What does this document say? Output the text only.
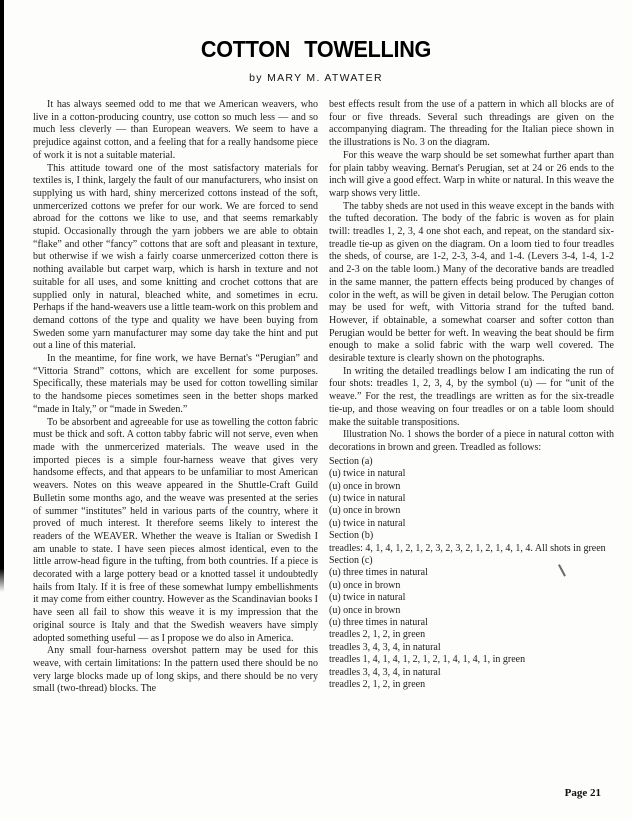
COTTON TOWELLING
by MARY M. ATWATER

It has always seemed odd to me that we American weavers, who live in a cotton-producing country, use cotton so much less — and so much less cleverly — than European weavers. We seem to have a prejudice against cotton, and a feeling that for a really handsome piece of work it is not a suitable material.

This attitude toward one of the most satisfactory materials for textiles is, I think, largely the fault of our manufacturers, who insist on supplying us with hard, shiny mercerized cottons instead of the soft, unmercerized cottons we prefer for our work. We are forced to send abroad for the cottons we like to use, and that seems remarkably stupid. Occasionally through the yarn jobbers we are able to obtain “flake” and other “fancy” cottons that are soft and pleasant in texture, but otherwise if we wish a fairly coarse unmercerized cotton there is nothing available but carpet warp, which is harsh in texture and not suitable for all uses, and some knitting and crochet cottons that are supplied only in natural, bleached white, and sometimes in ecru. Perhaps if the hand-weavers use a little team-work on this problem and demand cottons of the type and quality we have been buying from Sweden some yarn manufacturer may some day take the hint and put out a line of this material.

In the meantime, for fine work, we have Bernat's “Perugian” and “Vittoria Strand” cottons, which are excellent for some purposes. Specifically, these materials may be used for cotton towelling similar to the handsome pieces sometimes seen in the better shops marked “made in Italy,” or “made in Sweden.”

To be absorbent and agreeable for use as towelling the cotton fabric must be thick and soft. A cotton tabby fabric will not serve, even when made with the unmercerized materials. The weave used in the imported pieces is a simple four-harness weave that gives very handsome effects, and that appears to be unfamiliar to most American weavers. Notes on this weave appeared in the Shuttle-Craft Guild Bulletin some months ago, and the weave was presented at the series of summer “institutes” held in various parts of the country, where it proved of much interest. It therefore seems likely to interest the readers of the WEAVER. Whether the weave is Italian or Swedish I am unable to state. I have seen pieces almost identical, even to the little arrow-head figure in the tufting, from both countries. If a piece is decorated with a large pottery bead or a knotted tassel it undoubtedly hails from Italy. If it is free of these somewhat lumpy embellishments it may come from either country. However as the Scandinavian books I have seen all fail to show this weave it is my impression that the original source is Italy and that the Swedish weavers have simply adopted something useful — as I propose we do also in America.

Any small four-harness overshot pattern may be used for this weave, with certain limitations: In the pattern used there should be no very large blocks made up of long skips, and there should be no very small (two-thread) blocks. The

best effects result from the use of a pattern in which all blocks are of four or five threads. Several such threadings are given on the accompanying diagram. The threading for the Italian piece shown in the illustrations is No. 3 on the diagram.

For this weave the warp should be set somewhat further apart than for plain tabby weaving. Bernat's Perugian, set at 24 or 26 ends to the inch will give a good effect. Warp in white or natural. In this weave the warp shows very little.

The tabby sheds are not used in this weave except in the bands with the tufted decoration. The body of the fabric is woven as for plain twill: treadles 1, 2, 3, 4 one shot each, and repeat, on the standard six-treadle tie-up as given on the diagram. On a loom tied to four treadles the sheds, of course, are 1-2, 2-3, 3-4, and 1-4. (Levers 3-4, 1-4, 1-2 and 2-3 on the table loom.) Many of the decorative bands are treadled in the same manner, the pattern effects being produced by changes of color in the weft, as will be given in detail below. The Perugian cotton may be used for weft, with Vittoria strand for the tufted band. However, if obtainable, a somewhat coarser and softer cotton than Perugian would be better for weft. In weaving the beat should be firm enough to make a solid fabric with the warp well covered. The desirable texture is clearly shown on the photographs.

In writing the detailed treadlings below I am indicating the run of four shots: treadles 1, 2, 3, 4, by the symbol (u) — for “unit of the weave.” For the rest, the treadlings are written as for the six-treadle tie-up, and those weaving on four treadles or on a table loom should make the suitable transpositions.

Illustration No. 1 shows the border of a piece in natural cotton with decorations in brown and green. Treadled as follows:

Section (a)
(u) twice in natural
(u) once in brown
(u) twice in natural
(u) once in brown
(u) twice in natural
Section (b)
treadles: 4, 1, 4, 1, 2, 1, 2, 3, 2, 3, 2, 1, 2, 1, 4, 1, 4. All shots in green
Section (c)
(u) three times in natural
(u) once in brown
(u) twice in natural
(u) once in brown
(u) three times in natural
treadles 2, 1, 2, in green
treadles 3, 4, 3, 4, in natural
treadles 1, 4, 1, 4, 1, 2, 1, 2, 1, 4, 1, 4, 1, in green
treadles 3, 4, 3, 4, in natural
treadles 2, 1, 2, in green
Page 21
